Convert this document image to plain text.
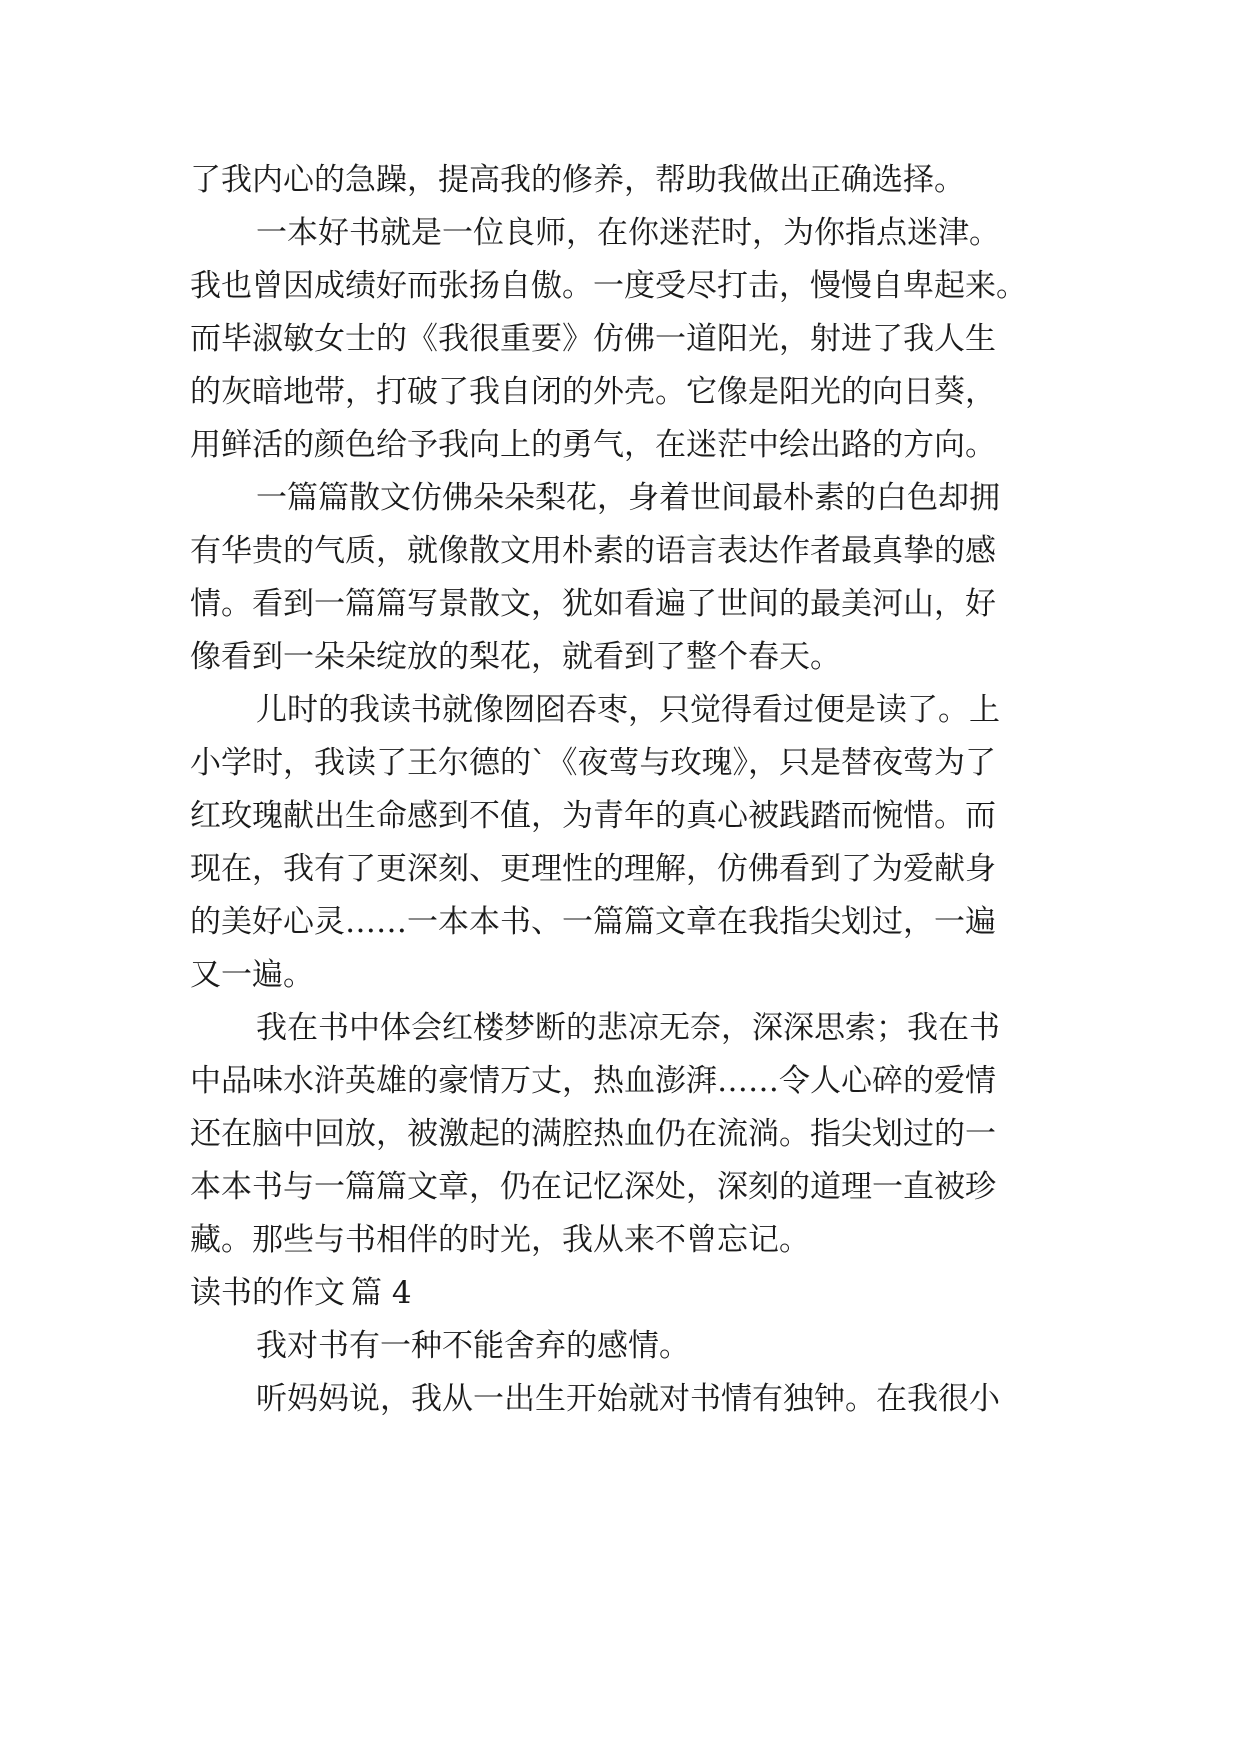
了我内心的急躁，提高我的修养，帮助我做出正确选择。
一本好书就是一位良师，在你迷茫时，为你指点迷津。
我也曾因成绩好而张扬自傲。一度受尽打击，慢慢自卑起来。
而毕淑敏女士的《我很重要》仿佛一道阳光，射进了我人生
的灰暗地带，打破了我自闭的外壳。它像是阳光的向日葵，
用鲜活的颜色给予我向上的勇气，在迷茫中绘出路的方向。
一篇篇散文仿佛朵朵梨花，身着世间最朴素的白色却拥
有华贵的气质，就像散文用朴素的语言表达作者最真挚的感
情。看到一篇篇写景散文，犹如看遍了世间的最美河山，好
像看到一朵朵绽放的梨花，就看到了整个春天。
儿时的我读书就像囫囵吞枣，只觉得看过便是读了。上
小学时，我读了王尔德的`《夜莺与玫瑰》，只是替夜莺为了
红玫瑰献出生命感到不值，为青年的真心被践踏而惋惜。而
现在，我有了更深刻、更理性的理解，仿佛看到了为爱献身
的美好心灵……一本本书、一篇篇文章在我指尖划过，一遍
又一遍。
我在书中体会红楼梦断的悲凉无奈，深深思索；我在书
中品味水浒英雄的豪情万丈，热血澎湃……令人心碎的爱情
还在脑中回放，被激起的满腔热血仍在流淌。指尖划过的一
本本书与一篇篇文章，仍在记忆深处，深刻的道理一直被珍
藏。那些与书相伴的时光，我从来不曾忘记。
读书的作文 篇 4
我对书有一种不能舍弃的感情。
听妈妈说，我从一出生开始就对书情有独钟。在我很小
